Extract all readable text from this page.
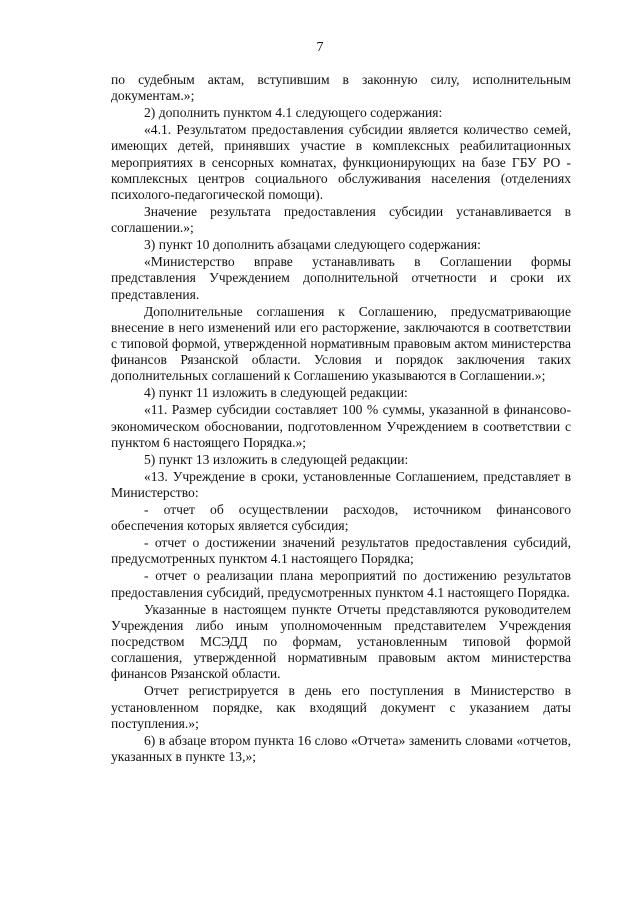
7

по судебным актам, вступившим в законную силу, исполнительным документам.»;

2) дополнить пунктом 4.1 следующего содержания:

«4.1. Результатом предоставления субсидии является количество семей, имеющих детей, принявших участие в комплексных реабилитационных мероприятиях в сенсорных комнатах, функционирующих на базе ГБУ РО - комплексных центров социального обслуживания населения (отделениях психолого-педагогической помощи).

Значение результата предоставления субсидии устанавливается в соглашении.»;

3) пункт 10 дополнить абзацами следующего содержания:

«Министерство вправе устанавливать в Соглашении формы представления Учреждением дополнительной отчетности и сроки их представления.

Дополнительные соглашения к Соглашению, предусматривающие внесение в него изменений или его расторжение, заключаются в соответствии с типовой формой, утвержденной нормативным правовым актом министерства финансов Рязанской области. Условия и порядок заключения таких дополнительных соглашений к Соглашению указываются в Соглашении.»;

4) пункт 11 изложить в следующей редакции:

«11. Размер субсидии составляет 100 % суммы, указанной в финансово-экономическом обосновании, подготовленном Учреждением в соответствии с пунктом 6 настоящего Порядка.»;

5) пункт 13 изложить в следующей редакции:

«13. Учреждение в сроки, установленные Соглашением, представляет в Министерство:

- отчет об осуществлении расходов, источником финансового обеспечения которых является субсидия;

- отчет о достижении значений результатов предоставления субсидий, предусмотренных пунктом 4.1 настоящего Порядка;

- отчет о реализации плана мероприятий по достижению результатов предоставления субсидий, предусмотренных пунктом 4.1 настоящего Порядка.

Указанные в настоящем пункте Отчеты представляются руководителем Учреждения либо иным уполномоченным представителем Учреждения посредством МСЭДД по формам, установленным типовой формой соглашения, утвержденной нормативным правовым актом министерства финансов Рязанской области.

Отчет регистрируется в день его поступления в Министерство в установленном порядке, как входящий документ с указанием даты поступления.»;

6) в абзаце втором пункта 16 слово «Отчета» заменить словами «отчетов, указанных в пункте 13,»;
